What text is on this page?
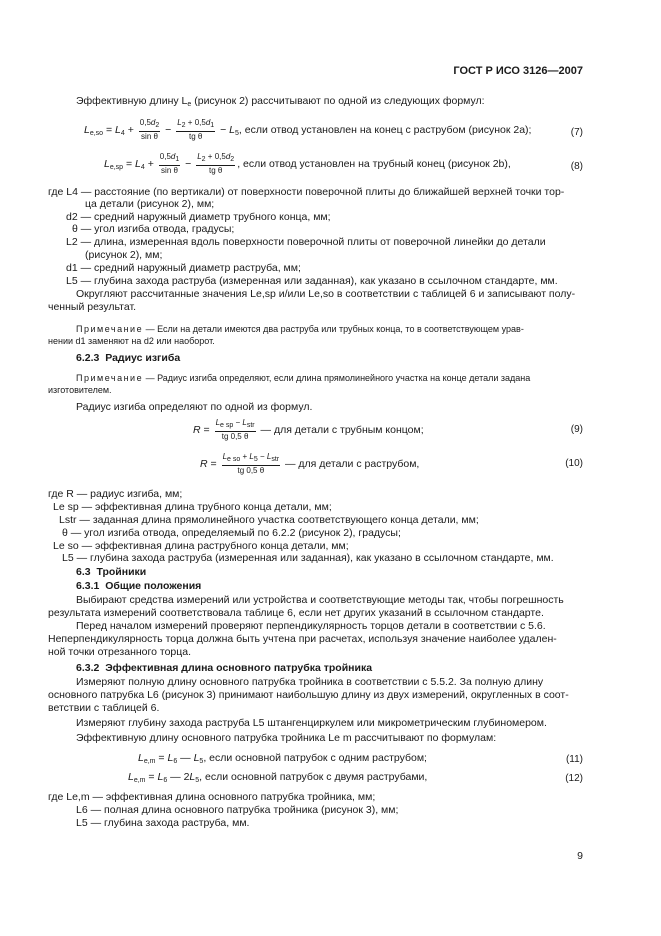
ГОСТ Р ИСО 3126—2007
Эффективную длину $L_e$ (рисунок 2) рассчитывают по одной из следующих формул:
$L_{e,so} = L_4 + \frac{0,5d_2}{\text{sin θ}} - \frac{L_2 + 0,5d_1}{\text{tg θ}} - L_5$, если отвод установлен на конец с раструбом (рисунок 2а);	(7)
$L_{e,sp} = L_4 + \frac{0,5d_1}{\text{sin θ}} - \frac{L_2 + 0,5d_2}{\text{tg θ}}$ , если отвод установлен на трубный конец (рисунок 2b),	(8)
где L4 — расстояние (по вертикали) от поверхности поверочной плиты до ближайшей верхней точки тор-
ца детали (рисунок 2), мм;
d2 — средний наружный диаметр трубного конца, мм;
θ — угол изгиба отвода, градусы;
L2 — длина, измеренная вдоль поверхности поверочной плиты от поверочной линейки до детали
(рисунок 2), мм;
d1 — средний наружный диаметр раструба, мм;
L5 — глубина захода раструба (измеренная или заданная), как указано в ссылочном стандарте, мм.
Округляют рассчитанные значения Le,sp и/или Le,so в соответствии с таблицей 6 и записывают полу-
ченный результат.
Примечание — Если на детали имеются два раструба или трубных конца, то в соответствующем урав-
нении d1 заменяют на d2 или наоборот.
6.2.3 Радиус изгиба
Примечание — Радиус изгиба определяют, если длина прямолинейного участка на конце детали задана
изготовителем.
Радиус изгиба определяют по одной из формул.
$R = \frac{L_{e sp} - L_{str}}{tg 0,5 \theta}$ — для детали с трубным концом;	(9)
$R = \frac{L_{e so} + L_5 - L_{str}}{tg 0,5 \theta}$ — для детали с раструбом,	(10)
где R — радиус изгиба, мм;
Le sp — эффективная длина трубного конца детали, мм;
Lstr — заданная длина прямолинейного участка соответствующего конца детали, мм;
θ — угол изгиба отвода, определяемый по 6.2.2 (рисунок 2), градусы;
Le so — эффективная длина раструбного конца детали, мм;
L5 — глубина захода раструба (измеренная или заданная), как указано в ссылочном стандарте, мм.
6.3 Тройники
6.3.1 Общие положения
Выбирают средства измерений или устройства и соответствующие методы так, чтобы погрешность
результата измерений соответствовала таблице 6, если нет других указаний в ссылочном стандарте.
Перед началом измерений проверяют перпендикулярность торцов детали в соответствии с 5.6.
Неперпендикулярность торца должна быть учтена при расчетах, используя значение наиболее удален-
ной точки отрезанного торца.
6.3.2 Эффективная длина основного патрубка тройника
Измеряют полную длину основного патрубка тройника в соответствии с 5.5.2. За полную длину
основного патрубка L6 (рисунок 3) принимают наибольшую длину из двух измерений, округленных в соот-
ветствии с таблицей 6.
Измеряют глубину захода раструба L5 штангенциркулем или микрометрическим глубиномером.
Эффективную длину основного патрубка тройника Le m рассчитывают по формулам:
$L_{e,m} = L_6$ — $L_5$, если основной патрубок с одним раструбом;	(11)
$L_{e,m} = L_6$ — $2L_5$, если основной патрубок с двумя раструбами,	(12)
где Le,m — эффективная длина основного патрубка тройника, мм;
L6 — полная длина основного патрубка тройника (рисунок 3), мм;
L5 — глубина захода раструба, мм.
9
